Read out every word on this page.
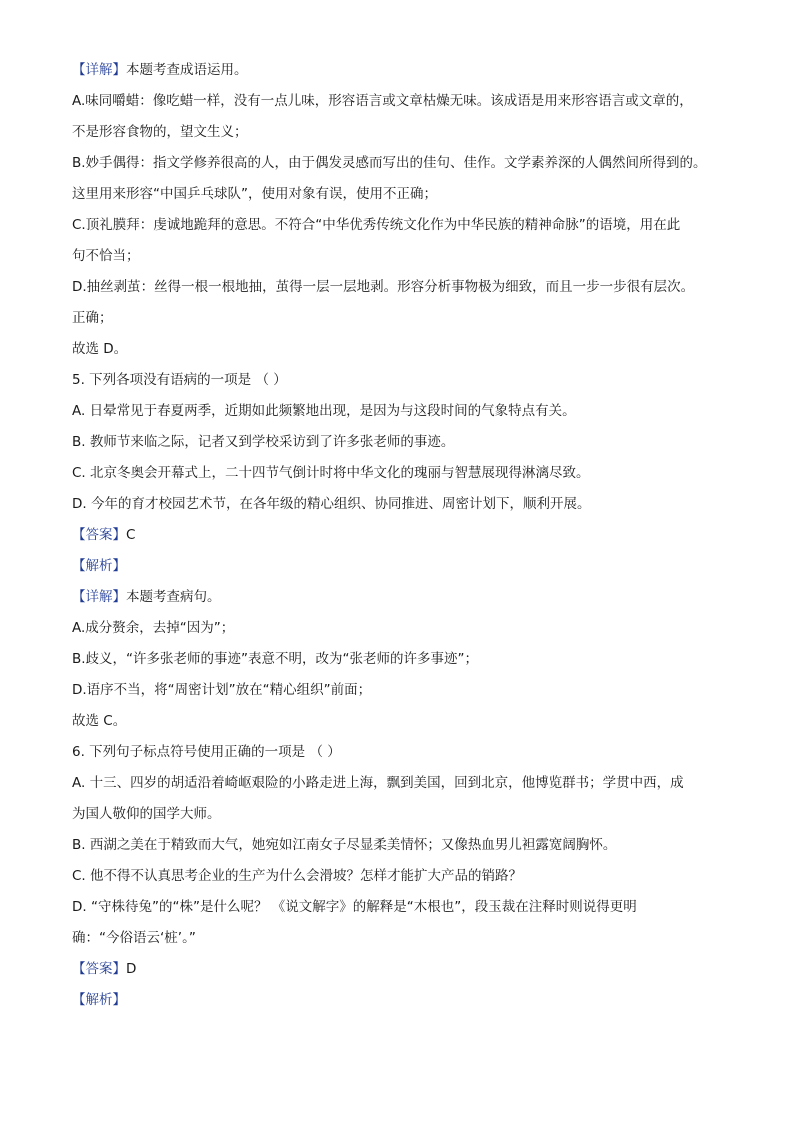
【详解】本题考查成语运用。

A.味同嚼蜡：像吃蜡一样，没有一点儿味，形容语言或文章枯燥无味。该成语是用来形容语言或文章的，

不是形容食物的，望文生义；

B.妙手偶得：指文学修养很高的人，由于偶发灵感而写出的佳句、佳作。文学素养深的人偶然间所得到的。

这里用来形容“中国乒乓球队”，使用对象有误，使用不正确；

C.顶礼膜拜：虔诚地跪拜的意思。不符合“中华优秀传统文化作为中华民族的精神命脉”的语境，用在此

句不恰当；

D.抽丝剥茧：丝得一根一根地抽，茧得一层一层地剥。形容分析事物极为细致，而且一步一步很有层次。

正确；

故选 D。

5. 下列各项没有语病的一项是 （ ）

A. 日晕常见于春夏两季，近期如此频繁地出现，是因为与这段时间的气象特点有关。

B. 教师节来临之际，记者又到学校采访到了许多张老师的事迹。

C. 北京冬奥会开幕式上，二十四节气倒计时将中华文化的瑰丽与智慧展现得淋漓尽致。

D. 今年的育才校园艺术节，在各年级的精心组织、协同推进、周密计划下，顺利开展。

【答案】C

【解析】

【详解】本题考查病句。

A.成分赘余，去掉“因为”；

B.歧义，“许多张老师的事迹”表意不明，改为“张老师的许多事迹”；

D.语序不当，将“周密计划”放在“精心组织”前面；

故选 C。

6. 下列句子标点符号使用正确的一项是 （ ）

A. 十三、四岁的胡适沿着崎岖艰险的小路走进上海，飘到美国，回到北京，他博览群书；学贯中西，成

为国人敬仰的国学大师。

B. 西湖之美在于精致而大气，她宛如江南女子尽显柔美情怀；又像热血男儿袒露宽阔胸怀。

C. 他不得不认真思考企业的生产为什么会滑坡？怎样才能扩大产品的销路？

D. “守株待兔”的“株”是什么呢？ 《说文解字》的解释是“木根也”，段玉裁在注释时则说得更明

确：“今俗语云‘桩’。”

【答案】D

【解析】
